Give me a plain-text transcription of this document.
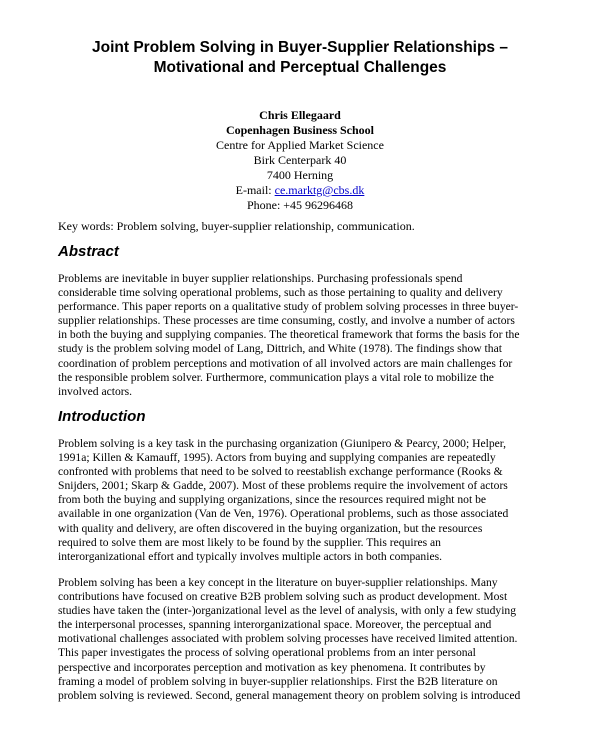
Joint Problem Solving in Buyer-Supplier Relationships –
Motivational and Perceptual Challenges
Chris Ellegaard
Copenhagen Business School
Centre for Applied Market Science
Birk Centerpark 40
7400 Herning
E-mail: ce.marktg@cbs.dk
Phone: +45 96296468

Key words: Problem solving, buyer-supplier relationship, communication.

Abstract
Problems are inevitable in buyer supplier relationships. Purchasing professionals spend
considerable time solving operational problems, such as those pertaining to quality and delivery
performance. This paper reports on a qualitative study of problem solving processes in three buyer-
supplier relationships. These processes are time consuming, costly, and involve a number of actors
in both the buying and supplying companies. The theoretical framework that forms the basis for the
study is the problem solving model of Lang, Dittrich, and White (1978). The findings show that
coordination of problem perceptions and motivation of all involved actors are main challenges for
the responsible problem solver. Furthermore, communication plays a vital role to mobilize the
involved actors.
Introduction
Problem solving is a key task in the purchasing organization (Giunipero & Pearcy, 2000; Helper,
1991a; Killen & Kamauff, 1995). Actors from buying and supplying companies are repeatedly
confronted with problems that need to be solved to reestablish exchange performance (Rooks &
Snijders, 2001; Skarp & Gadde, 2007). Most of these problems require the involvement of actors
from both the buying and supplying organizations, since the resources required might not be
available in one organization (Van de Ven, 1976). Operational problems, such as those associated
with quality and delivery, are often discovered in the buying organization, but the resources
required to solve them are most likely to be found by the supplier. This requires an
interorganizational effort and typically involves multiple actors in both companies.
Problem solving has been a key concept in the literature on buyer-supplier relationships. Many
contributions have focused on creative B2B problem solving such as product development. Most
studies have taken the (inter-)organizational level as the level of analysis, with only a few studying
the interpersonal processes, spanning interorganizational space. Moreover, the perceptual and
motivational challenges associated with problem solving processes have received limited attention.
This paper investigates the process of solving operational problems from an inter personal
perspective and incorporates perception and motivation as key phenomena. It contributes by
framing a model of problem solving in buyer-supplier relationships. First the B2B literature on
problem solving is reviewed. Second, general management theory on problem solving is introduced
